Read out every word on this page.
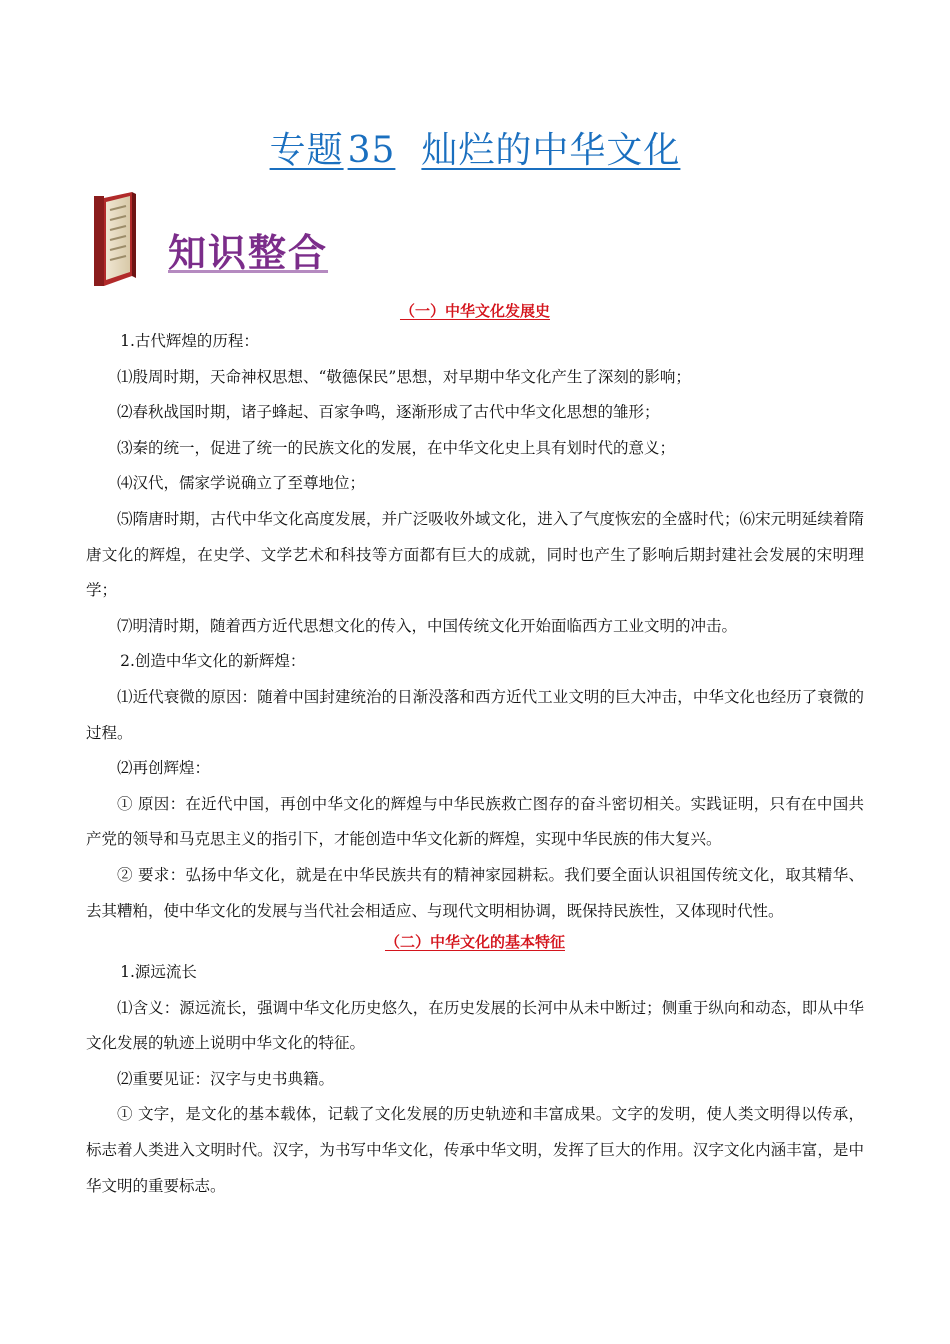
专题 35 灿烂的中华文化
知识整合
（一）中华文化发展史

1.古代辉煌的历程：

⑴殷周时期，天命神权思想、“敬德保民”思想，对早期中华文化产生了深刻的影响；

⑵春秋战国时期，诸子蜂起、百家争鸣，逐渐形成了古代中华文化思想的雏形；

⑶秦的统一，促进了统一的民族文化的发展，在中华文化史上具有划时代的意义；

⑷汉代，儒家学说确立了至尊地位；

⑸隋唐时期，古代中华文化高度发展，并广泛吸收外域文化，进入了气度恢宏的全盛时代；⑹宋元明延续着隋唐文化的辉煌，在史学、文学艺术和科技等方面都有巨大的成就，同时也产生了影响后期封建社会发展的宋明理学；

⑺明清时期，随着西方近代思想文化的传入，中国传统文化开始面临西方工业文明的冲击。

2.创造中华文化的新辉煌：

⑴近代衰微的原因：随着中国封建统治的日渐没落和西方近代工业文明的巨大冲击，中华文化也经历了衰微的过程。

⑵再创辉煌：

① 原因：在近代中国，再创中华文化的辉煌与中华民族救亡图存的奋斗密切相关。实践证明，只有在中国共产党的领导和马克思主义的指引下，才能创造中华文化新的辉煌，实现中华民族的伟大复兴。

② 要求：弘扬中华文化，就是在中华民族共有的精神家园耕耘。我们要全面认识祖国传统文化，取其精华、去其糟粕，使中华文化的发展与当代社会相适应、与现代文明相协调，既保持民族性，又体现时代性。

（二）中华文化的基本特征

1.源远流长

⑴含义：源远流长，强调中华文化历史悠久，在历史发展的长河中从未中断过；侧重于纵向和动态，即从中华文化发展的轨迹上说明中华文化的特征。

⑵重要见证：汉字与史书典籍。

① 文字，是文化的基本载体，记载了文化发展的历史轨迹和丰富成果。文字的发明，使人类文明得以传承，标志着人类进入文明时代。汉字，为书写中华文化，传承中华文明，发挥了巨大的作用。汉字文化内涵丰富，是中华文明的重要标志。
